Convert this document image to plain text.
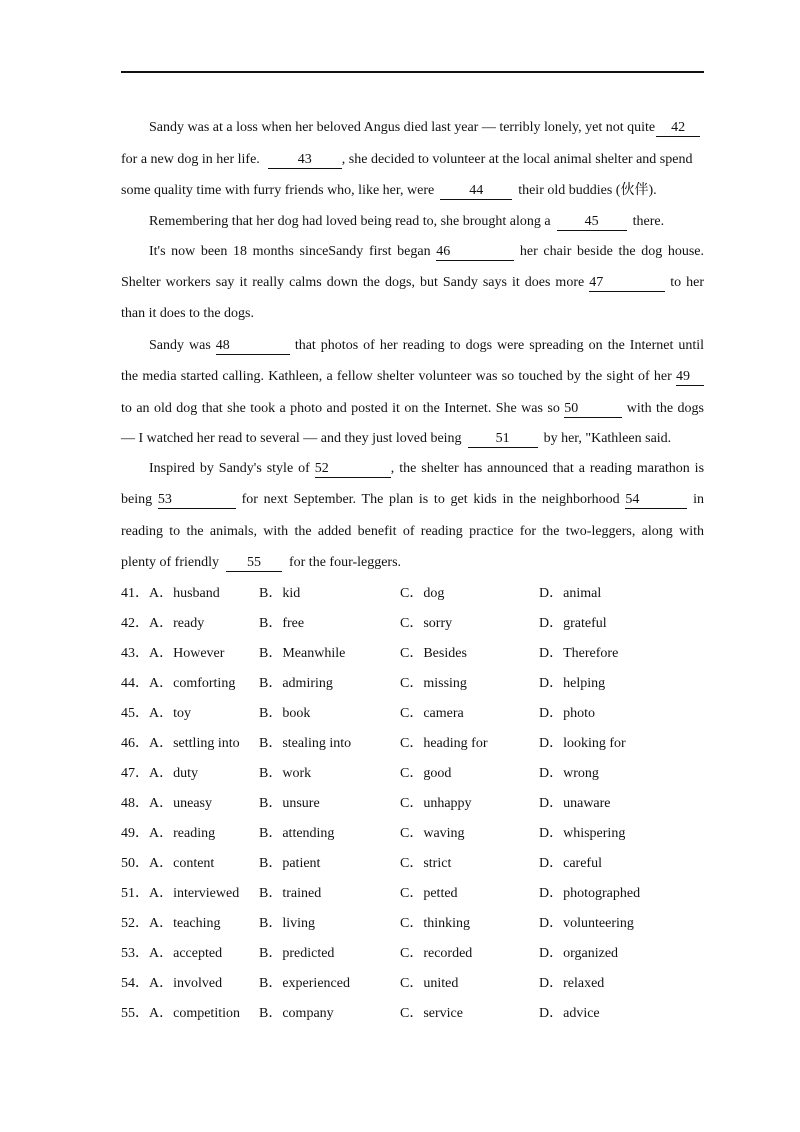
Sandy was at a loss when her beloved Angus died last year — terribly lonely, yet not quite 42
for a new dog in her life.	43 , she decided to volunteer at the local animal shelter and spend
some quality time with furry friends who, like her, were	44	their old buddies (伙伴).
Remembering that her dog had loved being read to, she brought along a 45 there.
It's now been 18 months sinceSandy first began 46	her chair beside the dog house.
Shelter workers say it really calms down the dogs, but Sandy says it does more 47	to her
than it does to the dogs.
Sandy was 48	that photos of her reading to dogs were spreading on the Internet until
the media started calling. Kathleen, a fellow shelter volunteer was so touched by the sight of her 49
to an old dog that she took a photo and posted it on the Internet. She was so 50	with the dogs
— I watched her read to several — and they just loved being 51 by her, "Kathleen said.
Inspired by Sandy's style of 52	, the shelter has announced that a reading marathon is
being 53	for next September. The plan is to get kids in the neighborhood 54	in
reading to the animals, with the added benefit of reading practice for the two-leggers, along with
plenty of friendly 55 for the four-leggers.
41． A．husband	B．kid	C．dog	D．animal
42． A．ready	B．free	C．sorry	D．grateful
43． A．However B．Meanwhile	C．Besides	D．Therefore
44． A．comforting B．admiring	C．missing	D．helping
45． A．toy	B．book	C．camera	D．photo
46． A．settling into B．stealing into	C．heading for	D．looking for
47． A．duty	B．work	C．good	D．wrong
48． A．uneasy	B．unsure	C．unhappy	D．unaware
49． A．reading	B．attending	C．waving	D．whispering
50． A．content	B．patient	C．strict	D．careful
51． A．interviewed B．trained	C．petted	D．photographed
52． A．teaching	B．living	C．thinking	D．volunteering
53． A．accepted	B．predicted	C．recorded	D．organized
54． A．involved	B．experienced	C．united	D．relaxed
55． A．competition B．company	C．service	D．advice
